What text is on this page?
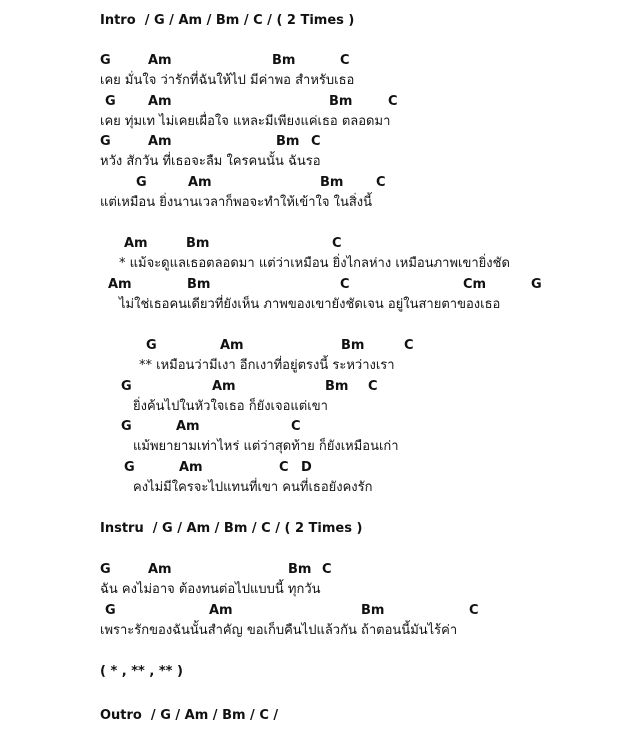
Intro  / G / Am / Bm / C / ( 2 Times )
G	Am	Bm	C
เคย มั่นใจ ว่ารักที่ฉันให้ไป มีค่าพอ สำหรับเธอ
G Am	Bm	C
เคย ทุ่มเท ไม่เคยเผื่อใจ แหละมีเพียงแค่เธอ ตลอดมา
G	Am	Bm C
หวัง สักวัน ที่เธอจะลืม ใครคนนั้น ฉันรอ
G	Am	Bm	C
แต่เหมือน ยิ่งนานเวลาก็พอจะทำให้เข้าใจ ในสิ่งนี้
Am	Bm	C
* แม้จะดูแลเธอตลอดมา แต่ว่าเหมือน ยิ่งไกลห่าง เหมือนภาพเขายิ่งชัด
Am	Bm	C	Cm	G
ไม่ใช่เธอคนเดียวที่ยังเห็น ภาพของเขายังชัดเจน อยู่ในสายตาของเธอ
G	Am	Bm	C
** เหมือนว่ามีเงา อีกเงาที่อยู่ตรงนี้ ระหว่างเรา
G	Am	Bm C
ยิ่งค้นไปในหัวใจเธอ ก็ยังเจอแต่เขา
G	Am	C
แม้พยายามเท่าไหร่ แต่ว่าสุดท้าย ก็ยังเหมือนเก่า
G	Am	C D
คงไม่มีใครจะไปแทนที่เขา คนที่เธอยังคงรัก
G	Am	Bm C
ฉัน คงไม่อาจ ต้องทนต่อไปแบบนี้ ทุกวัน
G	Am	Bm	C
เพราะรักของฉันนั้นสำคัญ ขอเก็บคืนไปแล้วกัน ถ้าตอนนี้มันไร้ค่า
Instru  / G / Am / Bm / C / ( 2 Times )
( * , ** , ** )
Outro  / G / Am / Bm / C /
